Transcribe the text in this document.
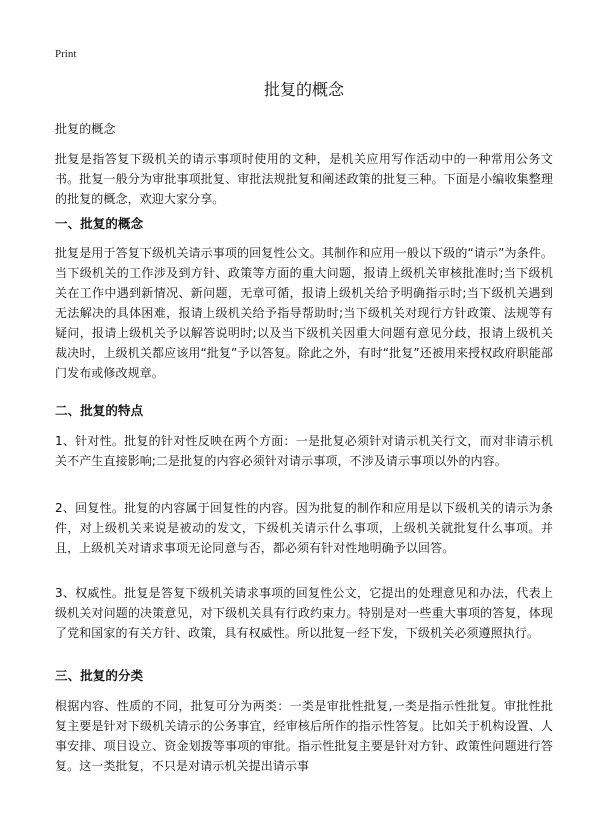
Print
批复的概念

批复的概念

批复是指答复下级机关的请示事项时使用的文种，是机关应用写作活动中的一种常用公务文书。批复一般分为审批事项批复、审批法规批复和阐述政策的批复三种。下面是小编收集整理的批复的概念，欢迎大家分享。

一、批复的概念

批复是用于答复下级机关请示事项的回复性公文。其制作和应用一般以下级的“请示”为条件。当下级机关的工作涉及到方针、政策等方面的重大问题，报请上级机关审核批准时;当下级机关在工作中遇到新情况、新问题，无章可循，报请上级机关给予明确指示时;当下级机关遇到无法解决的具体困难，报请上级机关给予指导帮助时;当下级机关对现行方针政策、法规等有疑问，报请上级机关予以解答说明时;以及当下级机关因重大问题有意见分歧，报请上级机关裁决时，上级机关都应该用“批复”予以答复。除此之外，有时“批复”还被用来授权政府职能部门发布或修改规章。

二、批复的特点

1、针对性。批复的针对性反映在两个方面：一是批复必须针对请示机关行文，而对非请示机关不产生直接影响;二是批复的内容必须针对请示事项，不涉及请示事项以外的内容。

2、回复性。批复的内容属于回复性的内容。因为批复的制作和应用是以下级机关的请示为条件，对上级机关来说是被动的发文，下级机关请示什么事项，上级机关就批复什么事项。并且，上级机关对请求事项无论同意与否，都必须有针对性地明确予以回答。

3、权威性。批复是答复下级机关请求事项的回复性公文，它提出的处理意见和办法，代表上级机关对问题的决策意见，对下级机关具有行政约束力。特别是对一些重大事项的答复，体现了党和国家的有关方针、政策，具有权威性。所以批复一经下发，下级机关必须遵照执行。

三、批复的分类

根据内容、性质的不同，批复可分为两类：一类是审批性批复,一类是指示性批复。审批性批复主要是针对下级机关请示的公务事宜，经审核后所作的指示性答复。比如关于机构设置、人事安排、项目设立、资金划拨等事项的审批。指示性批复主要是针对方针、政策性问题进行答复。这一类批复，不只是对请示机关提出请示事
